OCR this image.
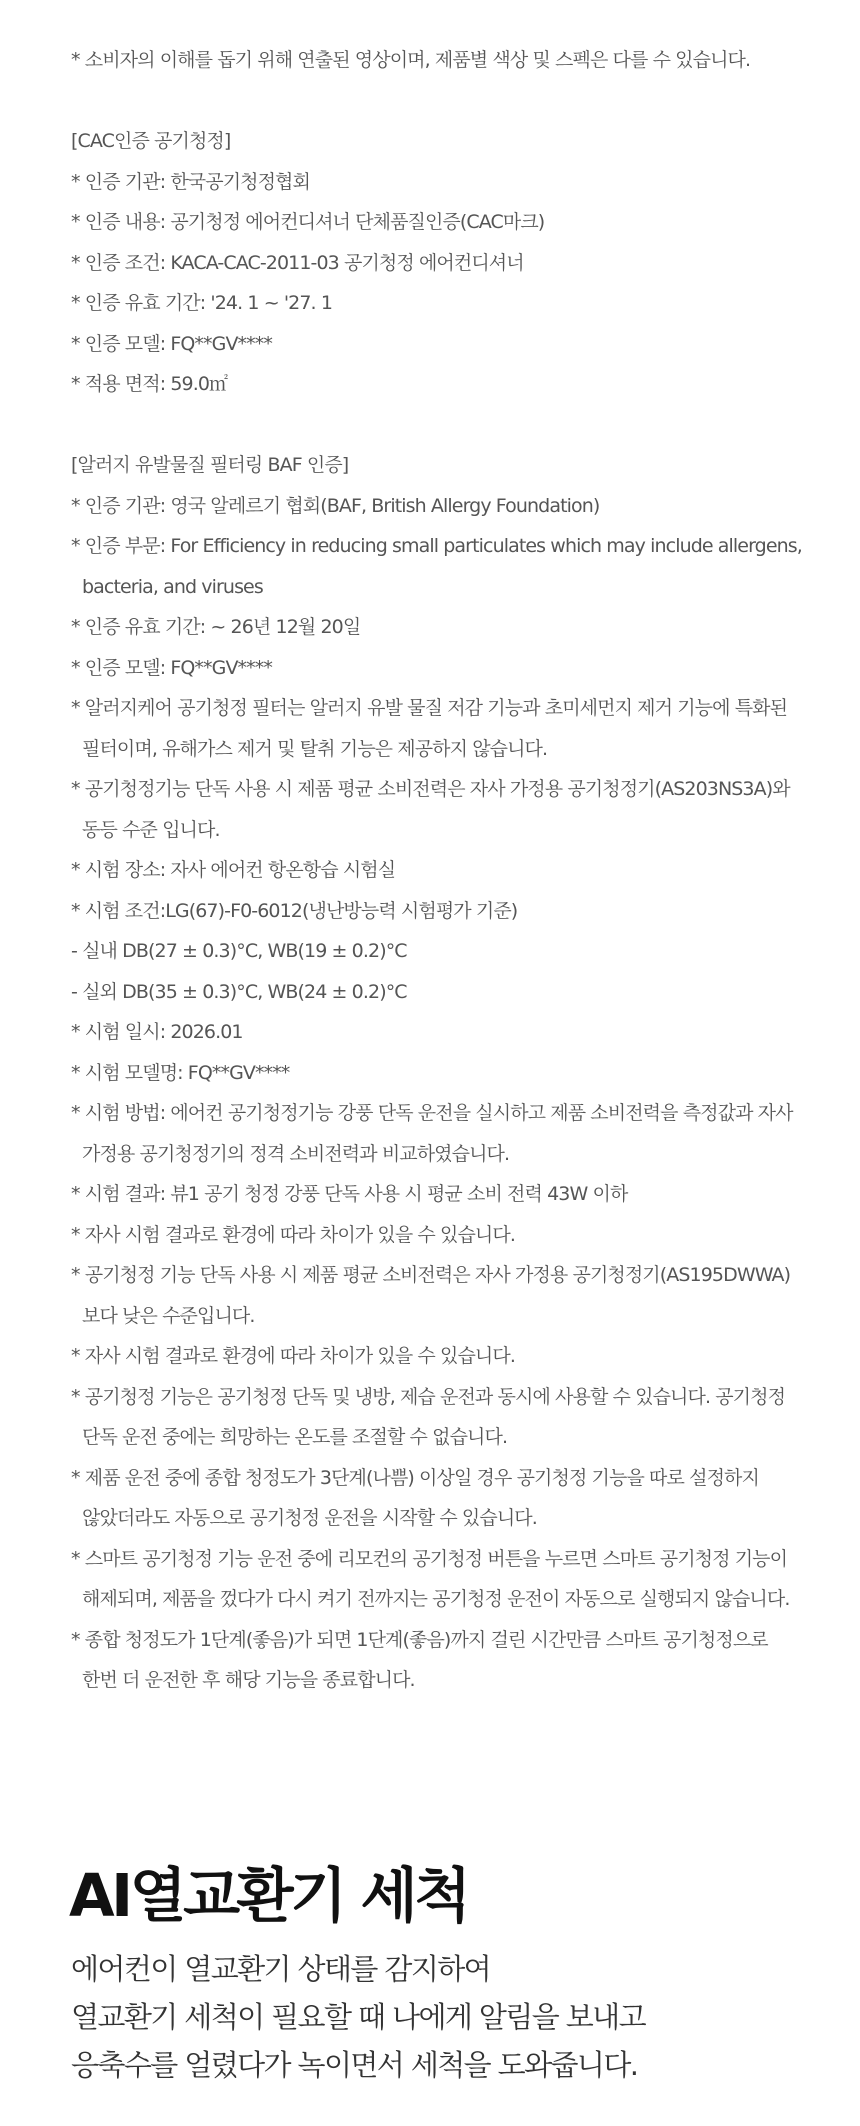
* 소비자의 이해를 돕기 위해 연출된 영상이며, 제품별 색상 및 스펙은 다를 수 있습니다.
[CAC인증 공기청정]
* 인증 기관: 한국공기청정협회
* 인증 내용: 공기청정 에어컨디셔너 단체품질인증(CAC마크)
* 인증 조건: KACA-CAC-2011-03 공기청정 에어컨디셔너
* 인증 유효 기간: '24. 1 ~ '27. 1
* 인증 모델: FQ**GV****
* 적용 면적: 59.0㎡
[알러지 유발물질 필터링 BAF 인증]
* 인증 기관: 영국 알레르기 협회(BAF, British Allergy Foundation)
* 인증 부문: For Efficiency in reducing small particulates which may include allergens,
bacteria, and viruses
* 인증 유효 기간: ~ 26년 12월 20일
* 인증 모델: FQ**GV****
* 알러지케어 공기청정 필터는 알러지 유발 물질 저감 기능과 초미세먼지 제거 기능에 특화된
필터이며, 유해가스 제거 및 탈취 기능은 제공하지 않습니다.
* 공기청정기능 단독 사용 시 제품 평균 소비전력은 자사 가정용 공기청정기(AS203NS3A)와
동등 수준 입니다.
* 시험 장소: 자사 에어컨 항온항습 시험실
* 시험 조건:LG(67)-F0-6012(냉난방능력 시험평가 기준)
- 실내 DB(27 ± 0.3)°C, WB(19 ± 0.2)°C
- 실외 DB(35 ± 0.3)°C, WB(24 ± 0.2)°C
* 시험 일시: 2026.01
* 시험 모델명: FQ**GV****
* 시험 방법: 에어컨 공기청정기능 강풍 단독 운전을 실시하고 제품 소비전력을 측정값과 자사
가정용 공기청정기의 정격 소비전력과 비교하였습니다.
* 시험 결과: 뷰1 공기 청정 강풍 단독 사용 시 평균 소비 전력 43W 이하
* 자사 시험 결과로 환경에 따라 차이가 있을 수 있습니다.
* 공기청정 기능 단독 사용 시 제품 평균 소비전력은 자사 가정용 공기청정기(AS195DWWA)
보다 낮은 수준입니다.
* 자사 시험 결과로 환경에 따라 차이가 있을 수 있습니다.
* 공기청정 기능은 공기청정 단독 및 냉방, 제습 운전과 동시에 사용할 수 있습니다. 공기청정
단독 운전 중에는 희망하는 온도를 조절할 수 없습니다.
* 제품 운전 중에 종합 청정도가 3단계(나쁨) 이상일 경우 공기청정 기능을 따로 설정하지
않았더라도 자동으로 공기청정 운전을 시작할 수 있습니다.
* 스마트 공기청정 기능 운전 중에 리모컨의 공기청정 버튼을 누르면 스마트 공기청정 기능이
해제되며, 제품을 껐다가 다시 켜기 전까지는 공기청정 운전이 자동으로 실행되지 않습니다.
* 종합 청정도가 1단계(좋음)가 되면 1단계(좋음)까지 걸린 시간만큼 스마트 공기청정으로
한번 더 운전한 후 해당 기능을 종료합니다.
AI열교환기 세척
에어컨이 열교환기 상태를 감지하여
열교환기 세척이 필요할 때 나에게 알림을 보내고
응축수를 얼렸다가 녹이면서 세척을 도와줍니다.
